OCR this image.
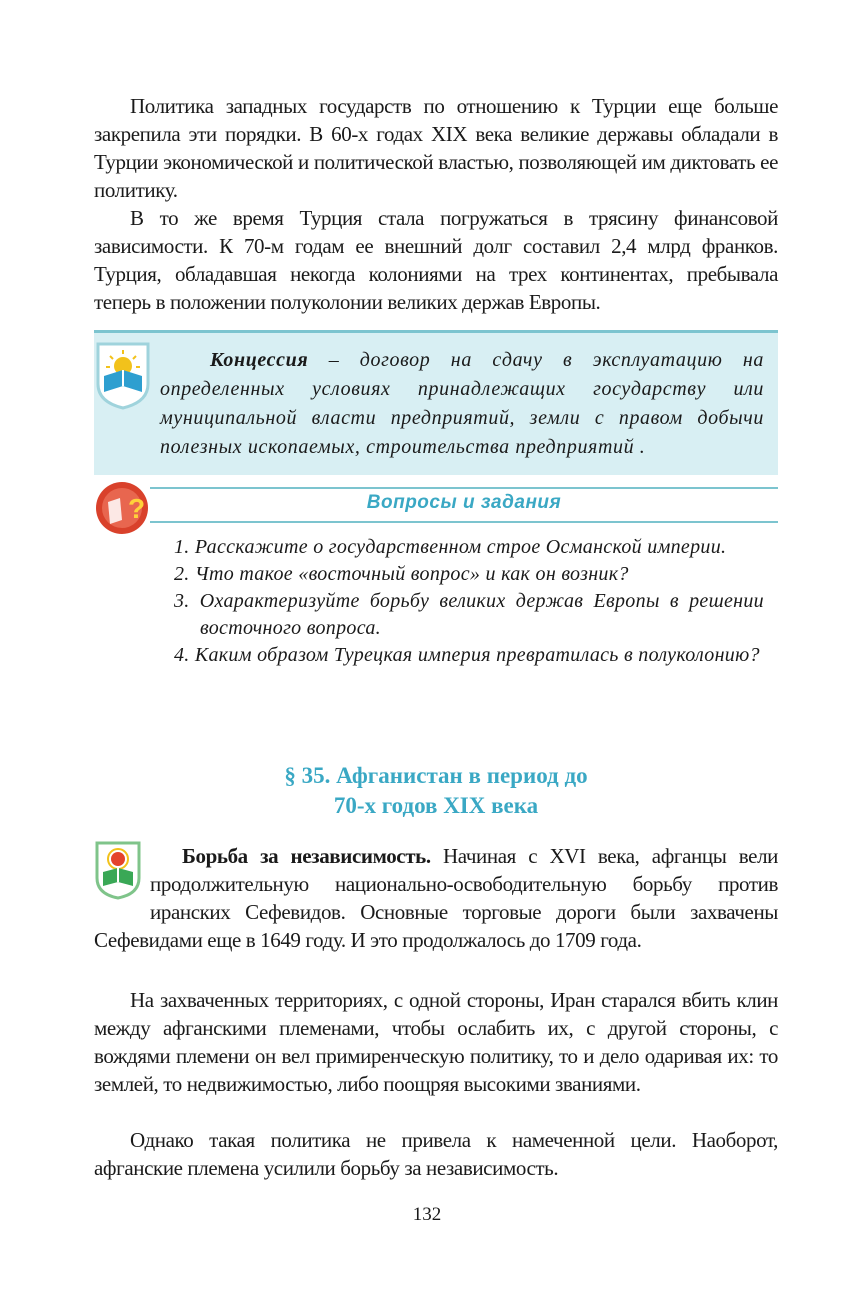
Политика западных государств по отношению к Турции еще больше закрепила эти порядки. В 60-х годах XIX века великие державы обладали в Турции экономической и политической властью, позволяющей им диктовать ее политику.

В то же время Турция стала погружаться в трясину финансовой зависимости. К 70-м годам ее внешний долг составил 2,4 млрд франков. Турция, обладавшая некогда колониями на трех континентах, пребывала теперь в положении полуколонии великих держав Европы.

Концессия – договор на сдачу в эксплуатацию на определенных условиях принадлежащих государству или муниципальной власти предприятий, земли с правом добычи полезных ископаемых, строительства предприятий .

?	Вопросы и задания
1. Расскажите о государственном строе Османской империи.
2. Что такое «восточный вопрос» и как он возник?
3. Охарактеризуйте борьбу великих держав Европы в решении восточного вопроса.
4. Каким образом Турецкая империя превратилась в полуколонию?
§ 35. Афганистан в период до
70-х годов XIX века

Борьба за независимость. Начиная с XVI века, афганцы вели продолжительную национально-освободительную борьбу против иранских Сефевидов. Основные торговые дороги были захвачены Сефевидами еще в 1649 году. И это продолжалось до 1709 года.

На захваченных территориях, с одной стороны, Иран старался вбить клин между афганскими племенами, чтобы ослабить их, с другой стороны, с вождями племени он вел примиренческую политику, то и дело одаривая их: то землей, то недвижимостью, либо поощряя высокими званиями.

Однако такая политика не привела к намеченной цели. Наоборот, афганские племена усилили борьбу за независимость.

132
